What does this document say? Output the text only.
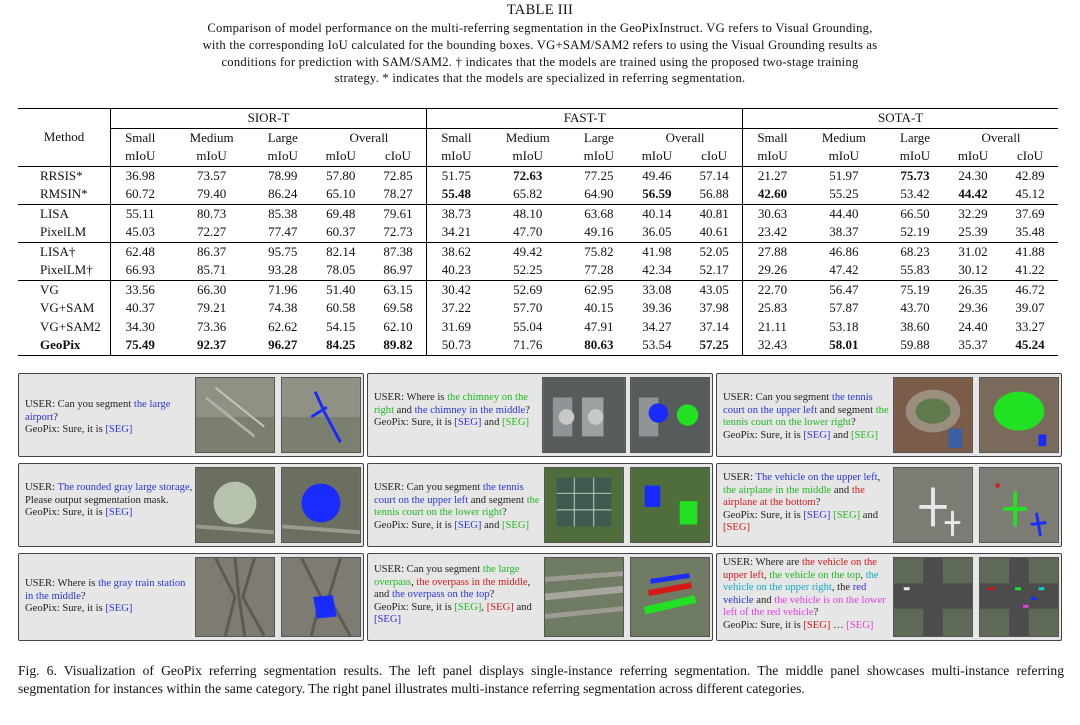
TABLE III
Comparison of model performance on the multi-referring segmentation in the GeoPixInstruct. VG refers to Visual Grounding,
with the corresponding IoU calculated for the bounding boxes. VG+SAM/SAM2 refers to using the Visual Grounding results as
conditions for prediction with SAM/SAM2. † indicates that the models are trained using the proposed two-stage training
strategy. * indicates that the models are specialized in referring segmentation.
Method	SIOR-T					FAST-T					SOTA-T				
	Small	Medium	Large	Overall		Small	Medium	Large	Overall		Small	Medium	Large	Overall	
	mIoU	mIoU	mIoU	mIoU	cIoU	mIoU	mIoU	mIoU	mIoU	cIoU	mIoU	mIoU	mIoU	mIoU	cIoU
RRSIS*	36.98	73.57	78.99	57.80	72.85	51.75	72.63	77.25	49.46	57.14	21.27	51.97	75.73	24.30	42.89
RMSIN*	60.72	79.40	86.24	65.10	78.27	55.48	65.82	64.90	56.59	56.88	42.60	55.25	53.42	44.42	45.12
LISA	55.11	80.73	85.38	69.48	79.61	38.73	48.10	63.68	40.14	40.81	30.63	44.40	66.50	32.29	37.69
PixelLM	45.03	72.27	77.47	60.37	72.73	34.21	47.70	49.16	36.05	40.61	23.42	38.37	52.19	25.39	35.48
LISA†	62.48	86.37	95.75	82.14	87.38	38.62	49.42	75.82	41.98	52.05	27.88	46.86	68.23	31.02	41.88
PixelLM†	66.93	85.71	93.28	78.05	86.97	40.23	52.25	77.28	42.34	52.17	29.26	47.42	55.83	30.12	41.22
VG	33.56	66.30	71.96	51.40	63.15	30.42	52.69	62.95	33.08	43.05	22.70	56.47	75.19	26.35	46.72
VG+SAM	40.37	79.21	74.38	60.58	69.58	37.22	57.70	40.15	39.36	37.98	25.83	57.87	43.70	29.36	39.07
VG+SAM2	34.30	73.36	62.62	54.15	62.10	31.69	55.04	47.91	34.27	37.14	21.11	53.18	38.60	24.40	33.27
GeoPix	75.49	92.37	96.27	84.25	89.82	50.73	71.76	80.63	53.54	57.25	32.43	58.01	59.88	35.37	45.24
USER: Can you segment the large airport?
GeoPix: Sure, it is [SEG]
USER: Where is the chimney on the right and the chimney in the middle?
GeoPix: Sure, it is [SEG] and [SEG]
USER: Can you segment the tennis court on the upper left and segment the tennis court on the lower right?
GeoPix: Sure, it is [SEG] and [SEG]
USER: The rounded gray large storage, Please output segmentation mask.
GeoPix: Sure, it is [SEG]
USER: Can you segment the tennis court on the upper left and segment the tennis court on the lower right?
GeoPix: Sure, it is [SEG] and [SEG]
USER: The vehicle on the upper left, the airplane in the middle and the airplane at the bottom?
GeoPix: Sure, it is [SEG] [SEG] and [SEG]
USER: Where is the gray train station in the middle?
GeoPix: Sure, it is [SEG]
USER: Can you segment the large overpass, the overpass in the middle, and the overpass on the top?
GeoPix: Sure, it is [SEG], [SEG] and [SEG]
USER: Where are the vehicle on the upper left, the vehicle on the top, the vehicle on the upper right, the red vehicle and the vehicle is on the lower left of the red vehicle?
GeoPix: Sure, it is [SEG] … [SEG]
Fig. 6. Visualization of GeoPix referring segmentation results. The left panel displays single-instance referring segmentation. The middle panel showcases multi-instance referring segmentation for instances within the same category. The right panel illustrates multi-instance referring segmentation across different categories.
